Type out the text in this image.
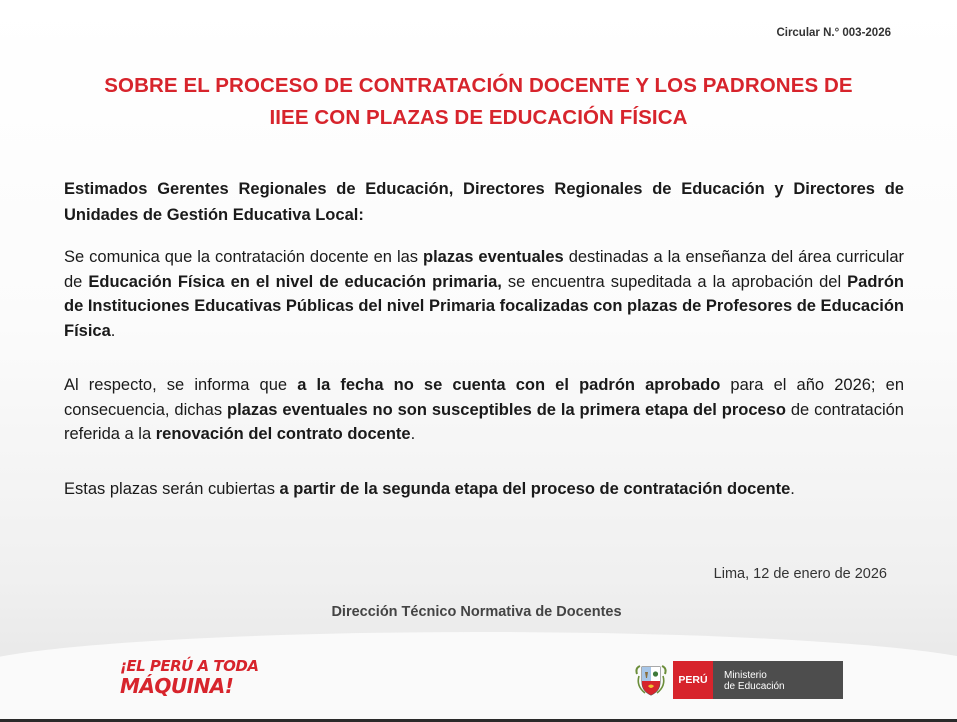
Circular N.° 003-2026
SOBRE EL PROCESO DE CONTRATACIÓN DOCENTE Y LOS PADRONES DE
IIEE CON PLAZAS DE EDUCACIÓN FÍSICA
Estimados Gerentes Regionales de Educación, Directores Regionales de Educación y Directores de Unidades de Gestión Educativa Local:

Se comunica que la contratación docente en las plazas eventuales destinadas a la enseñanza del área curricular de Educación Física en el nivel de educación primaria, se encuentra supeditada a la aprobación del Padrón de Instituciones Educativas Públicas del nivel Primaria focalizadas con plazas de Profesores de Educación Física.

Al respecto, se informa que a la fecha no se cuenta con el padrón aprobado para el año 2026; en consecuencia, dichas plazas eventuales no son susceptibles de la primera etapa del proceso de contratación referida a la renovación del contrato docente.

Estas plazas serán cubiertas a partir de la segunda etapa del proceso de contratación docente.

Lima, 12 de enero de 2026
Dirección Técnico Normativa de Docentes
¡EL PERÚ A TODA
MÁQUINA!	PERÚ	Ministerio
de Educación
